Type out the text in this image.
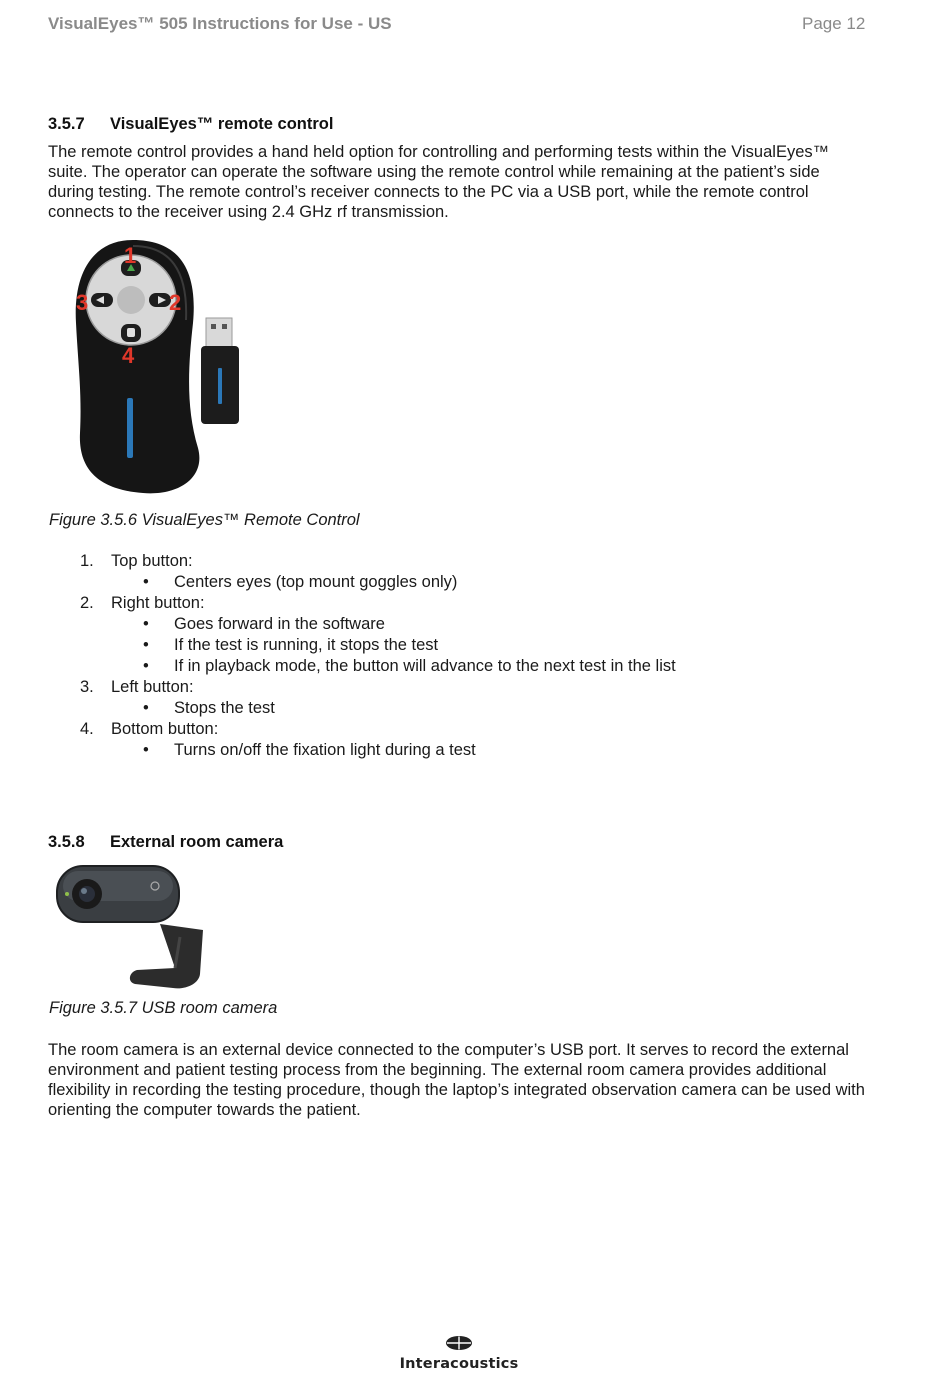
VisualEyes™ 505 Instructions for Use - US	Page 12
3.5.7 VisualEyes™ remote control

The remote control provides a hand held option for controlling and performing tests within the VisualEyes™ suite. The operator can operate the software using the remote control while remaining at the patient’s side during testing. The remote control’s receiver connects to the PC via a USB port, while the remote control connects to the receiver using 2.4 GHz rf transmission.

1
2
3
4
Figure 3.5.6 VisualEyes™ Remote Control
1. Top button:
• Centers eyes (top mount goggles only)
2. Right button:
• Goes forward in the software
• If the test is running, it stops the test
• If in playback mode, the button will advance to the next test in the list
3. Left button:
• Stops the test
4. Bottom button:
• Turns on/off the fixation light during a test
3.5.8 External room camera
Figure 3.5.7 USB room camera

The room camera is an external device connected to the computer’s USB port. It serves to record the external environment and patient testing process from the beginning. The external room camera provides additional flexibility in recording the testing procedure, though the laptop’s integrated observation camera can be used with orienting the computer towards the patient.

Interacoustics
